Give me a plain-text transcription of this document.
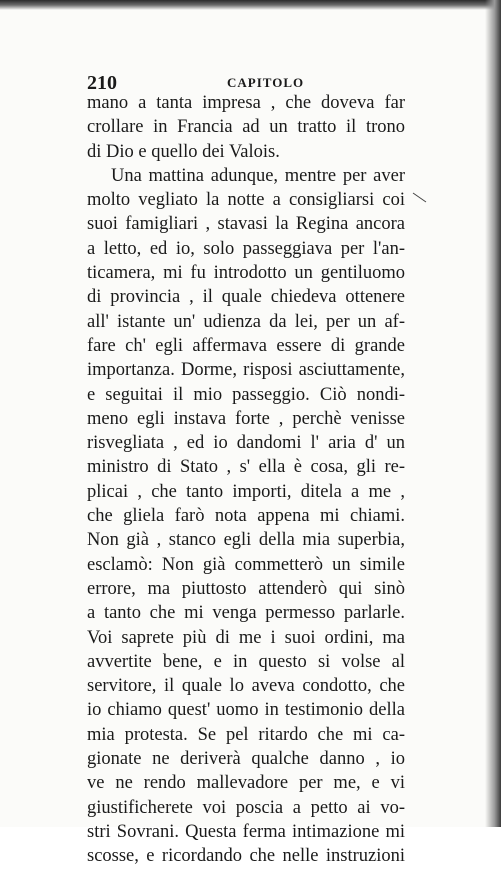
210	CAPITOLO
mano a tanta impresa , che doveva far
crollare in Francia ad un tratto il trono
di Dio e quello dei Valois.
Una mattina adunque, mentre per aver
molto vegliato la notte a consigliarsi coi
suoi famigliari , stavasi la Regina ancora
a letto, ed io, solo passeggiava per l'an-
ticamera, mi fu introdotto un gentiluomo
di provincia , il quale chiedeva ottenere
all' istante un' udienza da lei, per un af-
fare ch' egli affermava essere di grande
importanza. Dorme, risposi asciuttamente,
e seguitai il mio passeggio. Ciò nondi-
meno egli instava forte , perchè venisse
risvegliata , ed io dandomi l' aria d' un
ministro di Stato , s' ella è cosa, gli re-
plicai , che tanto importi, ditela a me ,
che gliela farò nota appena mi chiami.
Non già , stanco egli della mia superbia,
esclamò: Non già commetterò un simile
errore, ma piuttosto attenderò qui sinò
a tanto che mi venga permesso parlarle.
Voi saprete più di me i suoi ordini, ma
avvertite bene, e in questo si volse al
servitore, il quale lo aveva condotto, che
io chiamo quest' uomo in testimonio della
mia protesta. Se pel ritardo che mi ca-
gionate ne deriverà qualche danno , io
ve ne rendo mallevadore per me, e vi
giustificherete voi poscia a petto ai vo-
stri Sovrani. Questa ferma intimazione mi
scosse, e ricordando che nelle instruzioni
